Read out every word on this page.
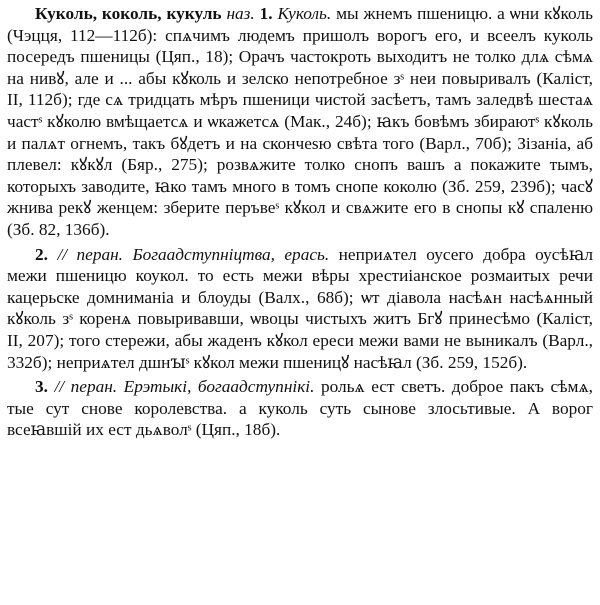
Куколь, коколь, кукуль наз. 1. Куколь. мы жнемъ пшеницю. а ѡни кꙋколь (Чэцця, 112—112б): спѧчимъ людемъ пришолъ ворогъ его, и всеелъ куколь посередъ пшеницы (Цяп., 18); Орачъ частокроть выходитъ не толко длѧ сѣмѧ на нивꙋ, але и ... абы кꙋколь и зелско непотребное зˢ неи повыривалъ (Каліст, II, 112б); где сѧ тридцать мѣръ пшеници чистой засѣетъ, тамъ заледвѣ шестаѧ частˢ кꙋколю вмѣщаетсѧ и ѡкажетсѧ (Мак., 24б); ꙗкъ бовѣмъ збираютˢ кꙋколь и палѧт огнемъ, такъ бꙋдетъ и на скончеѕю свѣта того (Варл., 70б); Зізаніа, аб плевел: кꙋкꙋл (Бяр., 275); розвѧжите толко снопъ вашъ а покажите тымъ, которыхъ заводите, ꙗко тамъ много в томъ снопе коколю (Зб. 259, 239б); часꙋ жнива рекꙋ женцем: зберите перъвеˢ кꙋкол и свѧжите его в снопы кꙋ спаленю (Зб. 82, 136б).

2. // перан. Богаадступніцтва, ерась. неприѧтел оусего добра оусѣꙗл межи пшеницю коукол. то есть межи вѣры хрестиіанское розмаитых речи кацерьске домниманіа и блоуды (Валх., 68б); ѡт діавола насѣѧн насѣѧнный кꙋколь зˢ коренѧ повыривавши, ѡвоцы чистыхъ житъ Бгꙋ принесѣмо (Каліст, II, 207); того стережи, абы жаденъ кꙋкол ереси межи вами не выникалъ (Варл., 332б); неприѧтел дшнꙑˢ кꙋкол межи пшеницꙋ насѣꙗл (Зб. 259, 152б).

3. // перан. Ерэтыкі, богаадступнікі. рольѧ ест светъ. доброе пакъ сѣмѧ, тые сут снове королевства. а куколь суть сынове злосьтивые. А ворог всеꙗвшій их ест дьѧволˢ (Цяп., 18б).
